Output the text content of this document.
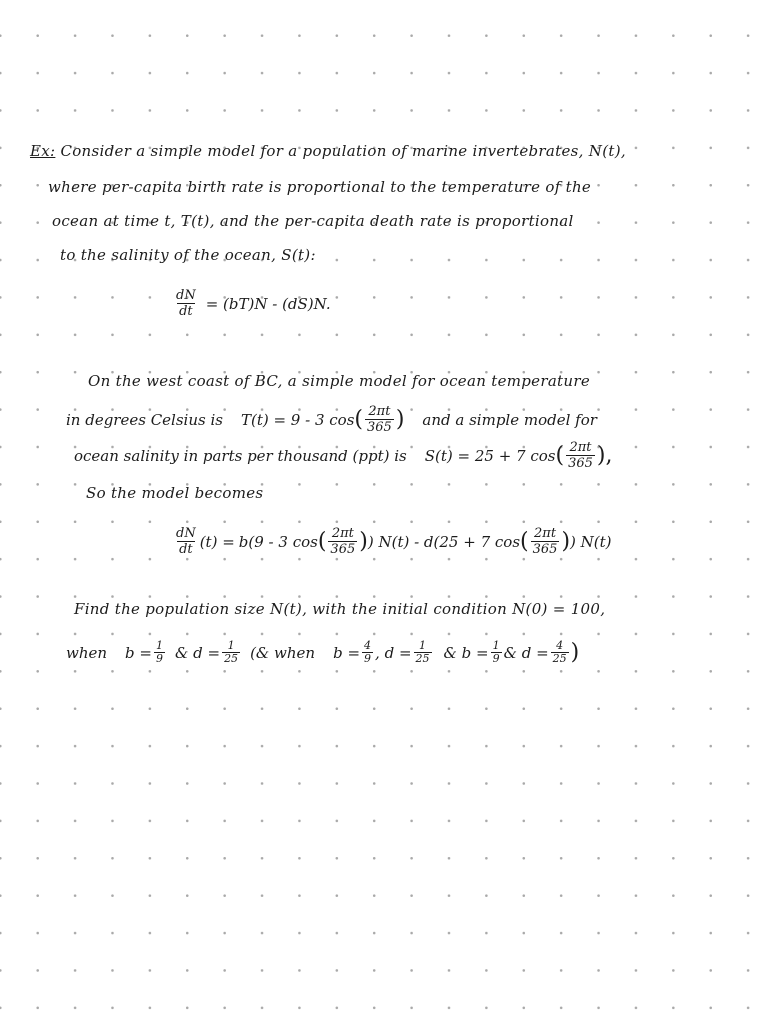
Ex: Consider a simple model for a population of marine invertebrates, N(t),
where per-capita birth rate is proportional to the temperature of the
ocean at time t, T(t), and the per-capita death rate is proportional
to the salinity of the ocean, S(t):
$\frac{dN}{dt} = (bT)N - (dS)N$.
On the west coast of BC, a simple model for ocean temperature
in degrees Celsius is T(t) = 9 - 3 cos ( $\frac{2\pi t}{365}$ ) and a simple model for
ocean salinity in parts per thousand (ppt) is S(t) = 25 + 7 cos ( $\frac{2\pi t}{365}$ ),
So the model becomes
$\frac{dN}{dt} (t) = b(9 - 3$ cos ( $\frac{2\pi t}{365}$ ) ) N(t) - d(25 + 7 cos ( $\frac{2\pi t}{365}$ ) ) N(t)
Find the population size N(t), with the initial condition N(0) = 100,
when $b = \frac{1}{9}$ & $d = \frac{1}{25}$ (& when $b = \frac{4}{9}$ , $d = \frac{1}{25}$ & $b = \frac{1}{9}$ & $d = \frac{4}{25}$ )
